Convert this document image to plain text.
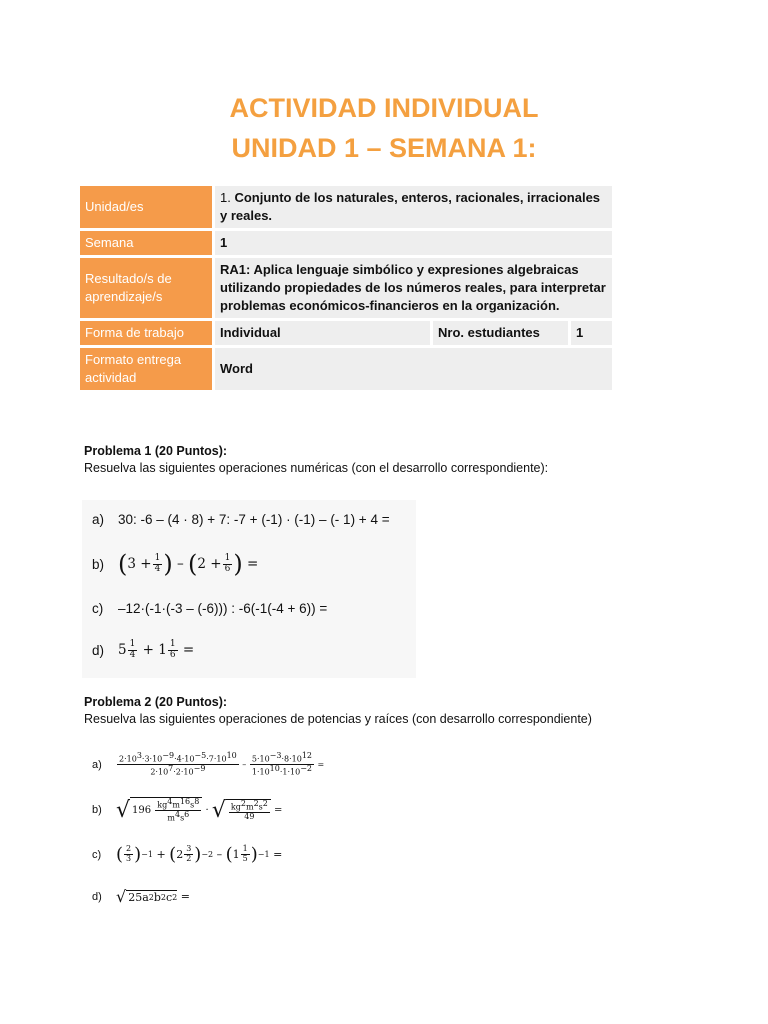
ACTIVIDAD INDIVIDUAL
UNIDAD 1 – SEMANA 1:
Unidad/es	1. Conjunto de los naturales, enteros, racionales, irracionales y reales.		
Semana	1		
Resultado/s de aprendizaje/s	RA1: Aplica lenguaje simbólico y expresiones algebraicas utilizando propiedades de los números reales, para interpretar problemas económicos-financieros en la organización.		
Forma de trabajo	Individual	Nro. estudiantes	1
Formato entrega actividad	Word		
Problema 1 (20 Puntos):
Resuelva las siguientes operaciones numéricas (con el desarrollo correspondiente):
a)	30: -6 – (4 · 8) + 7: -7 + (-1) · (-1) – (- 1) + 4 =
b) ( $3 + \frac{1}{4}$ ) – ( $2 + \frac{1}{6}$ ) =
c)	–12·(-1·(-3 – (-6))) : -6(-1(-4 + 6)) =
d)	$5 \frac{1}{4} + 1 \frac{1}{6}$ =
Problema 2 (20 Puntos):
Resuelva las siguientes operaciones de potencias y raíces (con desarrollo correspondiente)
a)	$\frac{2\cdot 103\cdot 3\cdot 10-9\cdot 4\cdot 10-5\cdot 7\cdot 1010}{2\cdot 107\cdot 2\cdot 10-9} - \frac{5\cdot 10-3\cdot 8\cdot 1012}{1\cdot 1010\cdot 1\cdot 10-2}$ =
b) √ $196 \frac{kg4m16s8}{m4s6}$ · √ $\frac{kg2m2s2}{49}$ =
c) ( $\frac{2}{3}$ ) −1 + ( $2 \frac{3}{2}$ ) −2 – ( $1 \frac{1}{5}$ ) −1 =
d) √ 25a 2 b 2 c 2 =
